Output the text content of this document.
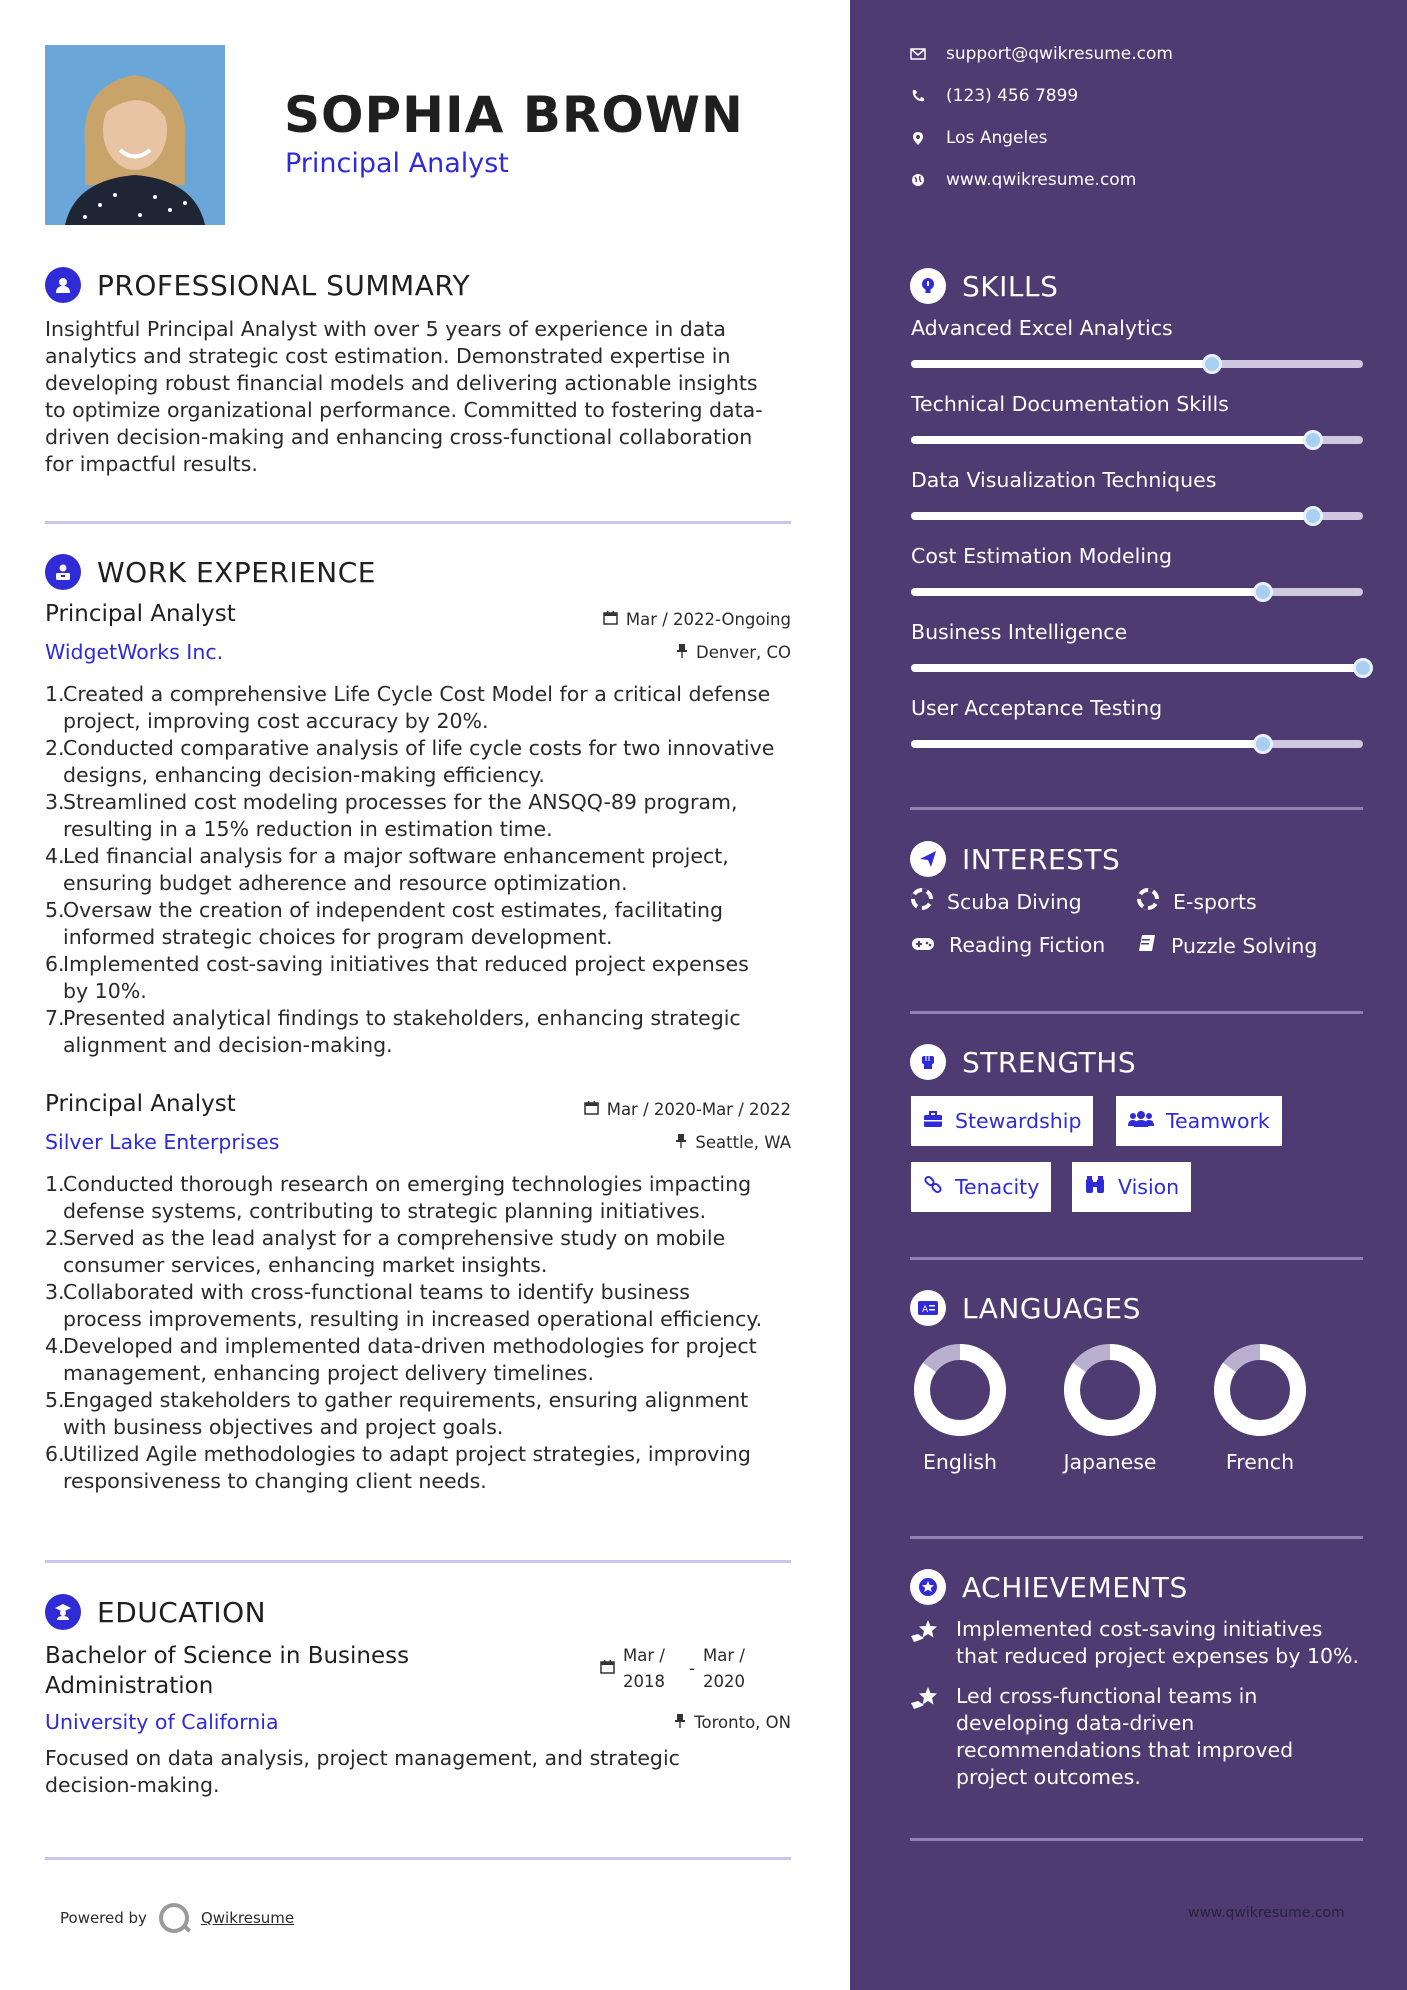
SOPHIA BROWN
Principal Analyst
PROFESSIONAL SUMMARY
Insightful Principal Analyst with over 5 years of experience in data
analytics and strategic cost estimation. Demonstrated expertise in
developing robust financial models and delivering actionable insights
to optimize organizational performance. Committed to fostering data-
driven decision-making and enhancing cross-functional collaboration
for impactful results.
WORK EXPERIENCE
Principal Analyst	Mar / 2022-Ongoing
WidgetWorks Inc.	Denver, CO
1.
Created a comprehensive Life Cycle Cost Model for a critical defense
project, improving cost accuracy by 20%.
2.
Conducted comparative analysis of life cycle costs for two innovative
designs, enhancing decision-making efficiency.
3.
Streamlined cost modeling processes for the ANSQQ-89 program,
resulting in a 15% reduction in estimation time.
4.
Led financial analysis for a major software enhancement project,
ensuring budget adherence and resource optimization.
5.
Oversaw the creation of independent cost estimates, facilitating
informed strategic choices for program development.
6.
Implemented cost-saving initiatives that reduced project expenses
by 10%.
7.
Presented analytical findings to stakeholders, enhancing strategic
alignment and decision-making.
Principal Analyst	Mar / 2020-Mar / 2022
Silver Lake Enterprises	Seattle, WA
1.
Conducted thorough research on emerging technologies impacting
defense systems, contributing to strategic planning initiatives.
2.
Served as the lead analyst for a comprehensive study on mobile
consumer services, enhancing market insights.
3.
Collaborated with cross-functional teams to identify business
process improvements, resulting in increased operational efficiency.
4.
Developed and implemented data-driven methodologies for project
management, enhancing project delivery timelines.
5.
Engaged stakeholders to gather requirements, ensuring alignment
with business objectives and project goals.
6.
Utilized Agile methodologies to adapt project strategies, improving
responsiveness to changing client needs.
EDUCATION
Bachelor of Science in Business
Administration
Mar /
2018
-
Mar /
2020
University of California	Toronto, ON
Focused on data analysis, project management, and strategic
decision-making.
Powered by	Qwikresume
support@qwikresume.com
(123) 456 7899
Los Angeles
www.qwikresume.com
SKILLS
Advanced Excel Analytics
Technical Documentation Skills
Data Visualization Techniques
Cost Estimation Modeling
Business Intelligence
User Acceptance Testing
INTERESTS
Scuba Diving	E-sports
Reading Fiction	Puzzle Solving
STRENGTHS
Stewardship	Teamwork
Tenacity	Vision
A LANGUAGES
English	Japanese	French
ACHIEVEMENTS
Implemented cost-saving initiatives
that reduced project expenses by 10%.
Led cross-functional teams in
developing data-driven
recommendations that improved
project outcomes.
www.qwikresume.com
